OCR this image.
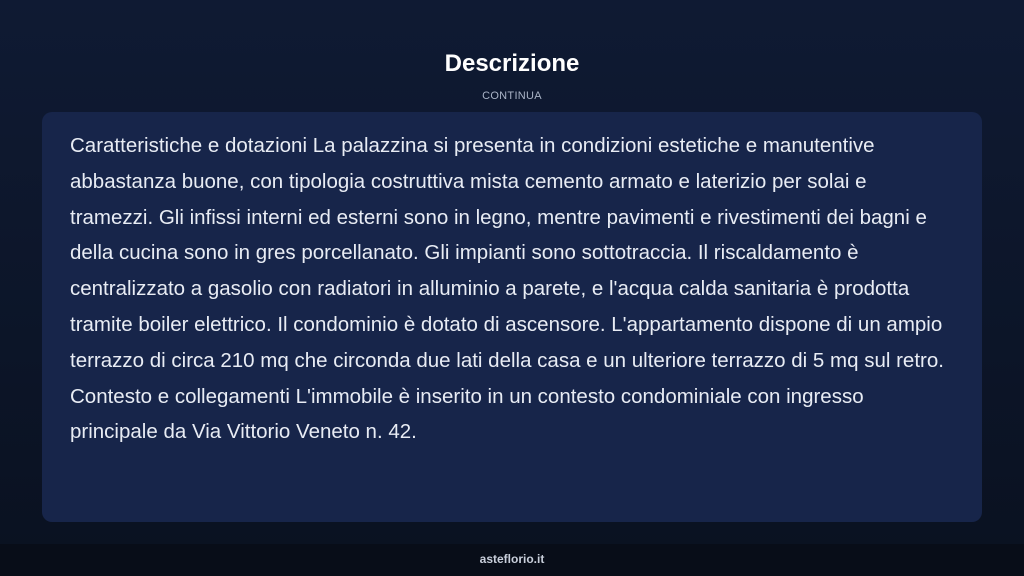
Descrizione
CONTINUA

Caratteristiche e dotazioni La palazzina si presenta in condizioni estetiche e manutentive abbastanza buone, con tipologia costruttiva mista cemento armato e laterizio per solai e tramezzi. Gli infissi interni ed esterni sono in legno, mentre pavimenti e rivestimenti dei bagni e della cucina sono in gres porcellanato. Gli impianti sono sottotraccia. Il riscaldamento è centralizzato a gasolio con radiatori in alluminio a parete, e l'acqua calda sanitaria è prodotta tramite boiler elettrico. Il condominio è dotato di ascensore. L'appartamento dispone di un ampio terrazzo di circa 210 mq che circonda due lati della casa e un ulteriore terrazzo di 5 mq sul retro. Contesto e collegamenti L'immobile è inserito in un contesto condominiale con ingresso principale da Via Vittorio Veneto n. 42.

asteflorio.it
